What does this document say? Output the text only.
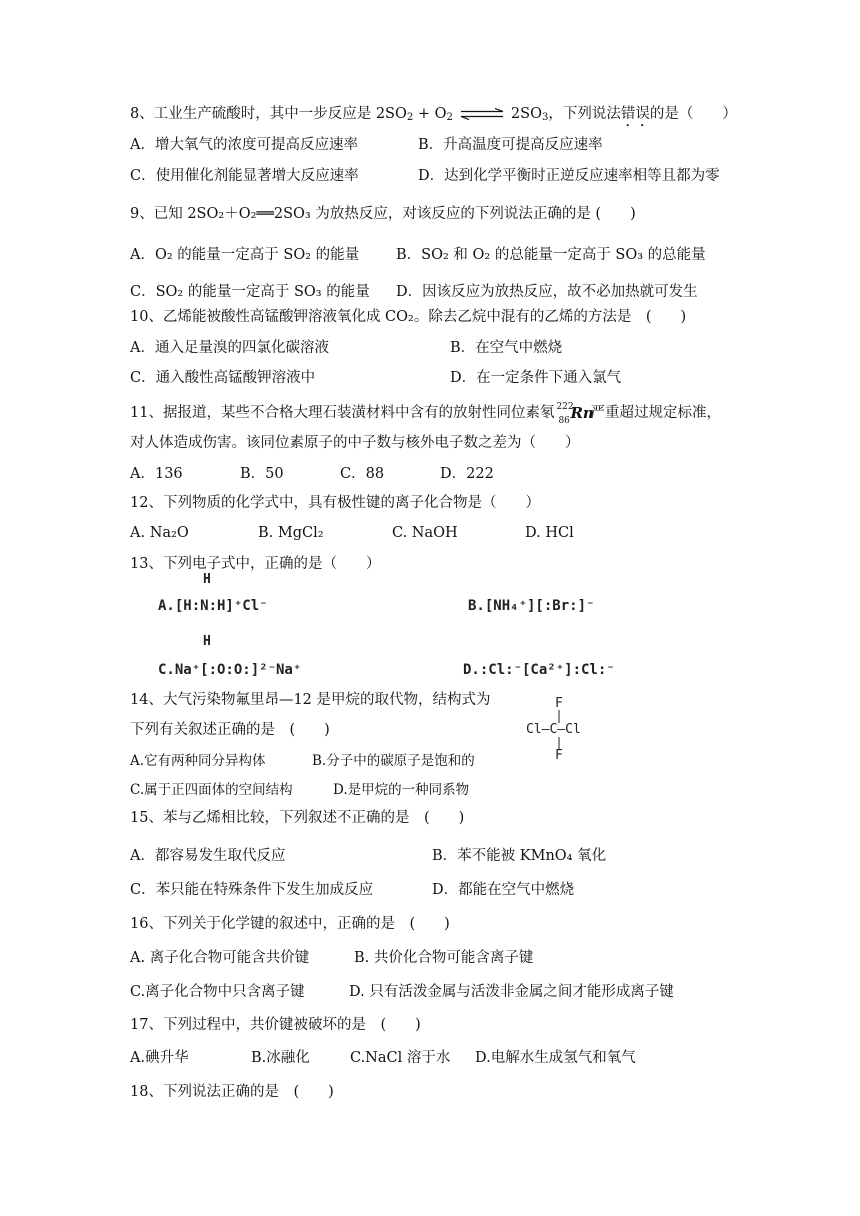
8、工业生产硫酸时，其中一步反应是 $2SO_2 + O_2$ ⇌ $2SO_3$，下列说法错误的是（　　）
A．增大氧气的浓度可提高反应速率	B．升高温度可提高反应速率
C．使用催化剂能显著增大反应速率	D．达到化学平衡时正逆反应速率相等且都为零
9、已知 2SO₂＋O₂══2SO₃ 为放热反应，对该反应的下列说法正确的是 (　　)
A．O₂ 的能量一定高于 SO₂ 的能量	B．SO₂ 和 O₂ 的总能量一定高于 SO₃ 的总能量
C．SO₂ 的能量一定高于 SO₃ 的能量 D．因该反应为放热反应，故不必加热就可发生
10、乙烯能被酸性高锰酸钾溶液氧化成 CO₂。除去乙烷中混有的乙烯的方法是　(　　)
A．通入足量溴的四氯化碳溶液	B．在空气中燃烧
C．通入酸性高锰酸钾溶液中	D．在一定条件下通入氯气
11、据报道，某些不合格大理石装潢材料中含有的放射性同位素氡 222
86 Rn
严重超过规定标准，
对人体造成伤害。该同位素原子的中子数与核外电子数之差为（　　）
A．136	B．50	C．88	D．222
12、下列物质的化学式中，具有极性键的离子化合物是（　　）
A. Na₂O	B. MgCl₂	C. NaOH	D. HCl
13、下列电子式中，正确的是（　　）
H
A.[H:N:H]⁺Cl⁻
H
B.[NH₄⁺][:Br:]⁻
C.Na⁺[:O:O:]²⁻Na⁺	D.:Cl:⁻[Ca²⁺]:Cl:⁻
14、大气污染物氟里昂—12 是甲烷的取代物，结构式为
下列有关叙述正确的是　(　　)
F
Cl—C—Cl
F
A.它有两种同分异构体	B.分子中的碳原子是饱和的
C.属于正四面体的空间结构	D.是甲烷的一种同系物
15、苯与乙烯相比较，下列叙述不正确的是　(　　)
A．都容易发生取代反应	B．苯不能被 KMnO₄ 氧化
C．苯只能在特殊条件下发生加成反应	D．都能在空气中燃烧
16、下列关于化学键的叙述中，正确的是　(　　)
A. 离子化合物可能含共价键	B. 共价化合物可能含离子键
C.离子化合物中只含离子键	D. 只有活泼金属与活泼非金属之间才能形成离子键
17、下列过程中，共价键被破坏的是　(　　)
A.碘升华	B.冰融化	C.NaCl 溶于水 D.电解水生成氢气和氧气
18、下列说法正确的是　(　　)
